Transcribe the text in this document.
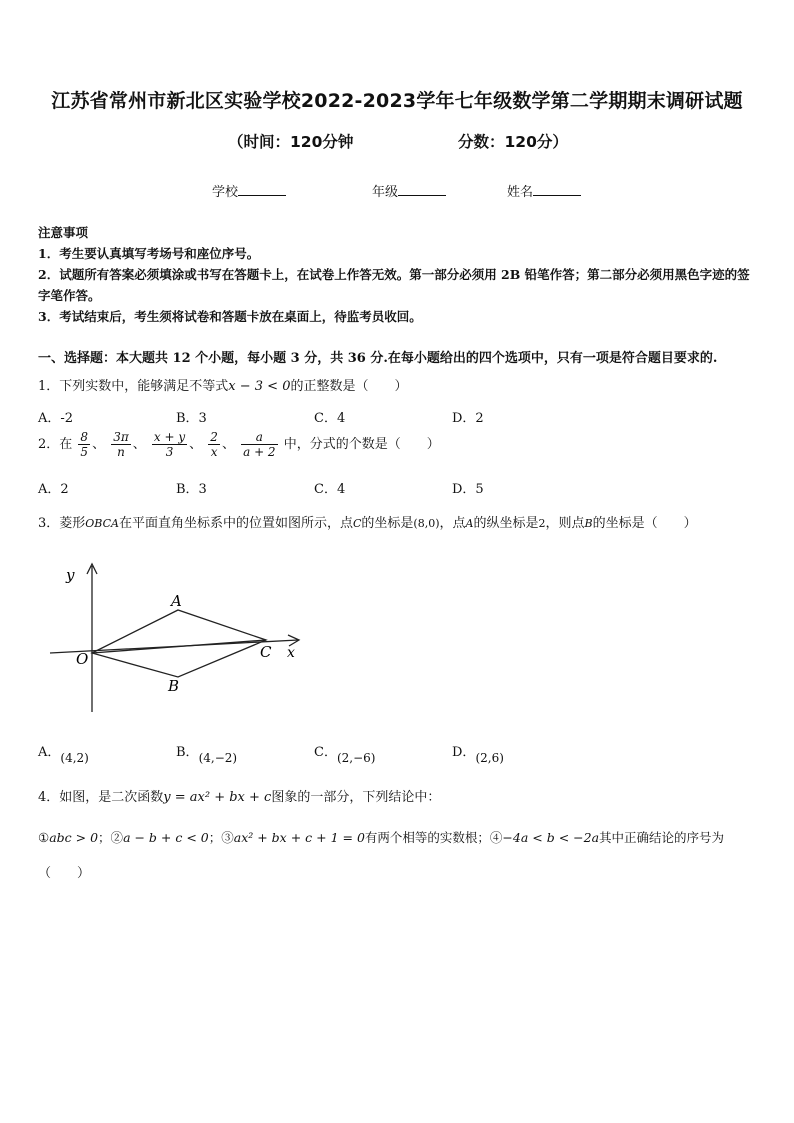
江苏省常州市新北区实验学校2022-2023学年七年级数学第二学期期末调研试题
（时间：120分钟	分数：120分）
学校	年级	姓名

注意事项

1．考生要认真填写考场号和座位序号。

2．试题所有答案必须填涂或书写在答题卡上，在试卷上作答无效。第一部分必须用 2B 铅笔作答；第二部分必须用黑色字迹的签字笔作答。

3．考试结束后，考生须将试卷和答题卡放在桌面上，待监考员收回。

一、选择题：本大题共 12 个小题，每小题 3 分，共 36 分.在每小题给出的四个选项中，只有一项是符合题目要求的.
1．下列实数中，能够满足不等式x − 3 < 0的正整数是（　　）
A．-2	B．3	C．4	D．2
2．在 $\frac{8}{5}$ 、 $\frac{3\pi}{n}$ 、 $\frac{x + y}{3}$ 、 $\frac{2}{x}$ 、 $\frac{a}{a + 2}$ 中，分式的个数是（　　）
A．2	B．3	C．4	D．5
3．菱形OBCA在平面直角坐标系中的位置如图所示，点C的坐标是(8,0)，点A的纵坐标是2，则点B的坐标是（　　）
y
x
O
A
B
C
A．(4,2)	B．(4,−2)	C．(2,−6)	D．(2,6)
4．如图，是二次函数y = ax² + bx + c图象的一部分，下列结论中：
①abc > 0；②a − b + c < 0；③ax² + bx + c + 1 = 0有两个相等的实数根；④−4a < b < −2a其中正确结论的序号为
（　　）
